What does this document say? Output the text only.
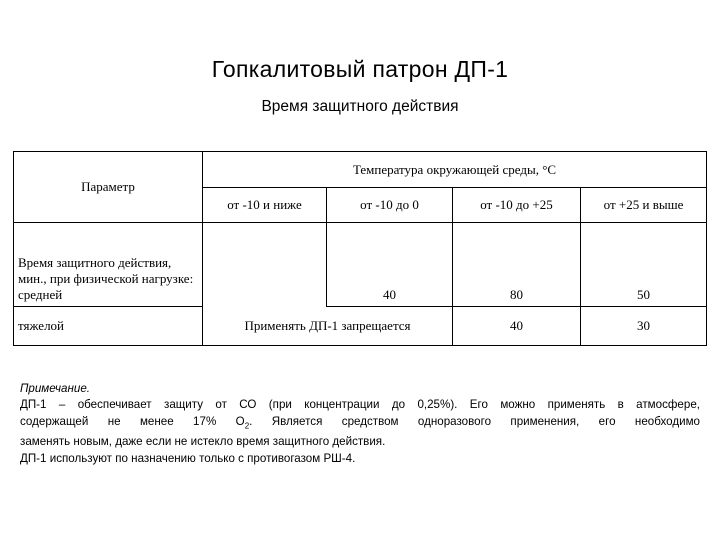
Гопкалитовый патрон ДП-1
Время защитного действия
Параметр	Температура окружающей среды, °С			
	от -10 и ниже	от -10 до 0	от -10 до +25	от +25 и выше
Время защитного действия, мин., при физической нагрузке: средней		40	80	50
тяжелой	Применять ДП-1 запрещается		40	30

Примечание.

ДП-1 – обеспечивает защиту от СО (при концентрации до 0,25%). Его можно применять в атмосфере,

содержащей не менее 17% $О_2$. Является средством одноразового применения, его необходимо

заменять новым, даже если не истекло время защитного действия.

ДП-1 используют по назначению только с противогазом РШ-4.
